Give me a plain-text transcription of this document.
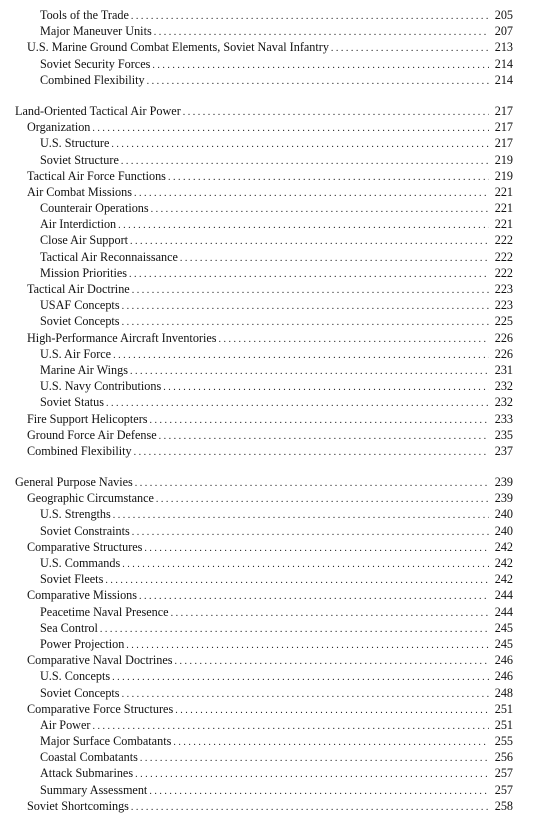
Tools of the Trade . . .	205
Major Maneuver Units . . .	207
U.S. Marine Ground Combat Elements, Soviet Naval Infantry . . .	213
Soviet Security Forces . . .	214
Combined Flexibility . . .	214
Land-Oriented Tactical Air Power . . .	217
Organization . . .	217
U.S. Structure . . .	217
Soviet Structure . . .	219
Tactical Air Force Functions . . .	219
Air Combat Missions . . .	221
Counterair Operations . . .	221
Air Interdiction . . .	221
Close Air Support . . .	222
Tactical Air Reconnaissance . . .	222
Mission Priorities . . .	222
Tactical Air Doctrine . . .	223
USAF Concepts . . .	223
Soviet Concepts . . .	225
High-Performance Aircraft Inventories . . .	226
U.S. Air Force . . .	226
Marine Air Wings . . .	231
U.S. Navy Contributions . . .	232
Soviet Status . . .	232
Fire Support Helicopters . . .	233
Ground Force Air Defense . . .	235
Combined Flexibility . . .	237
General Purpose Navies . . .	239
Geographic Circumstance . . .	239
U.S. Strengths . . .	240
Soviet Constraints . . .	240
Comparative Structures . . .	242
U.S. Commands . . .	242
Soviet Fleets . . .	242
Comparative Missions . . .	244
Peacetime Naval Presence . . .	244
Sea Control . . .	245
Power Projection . . .	245
Comparative Naval Doctrines . . .	246
U.S. Concepts . . .	246
Soviet Concepts . . .	248
Comparative Force Structures . . .	251
Air Power . . .	251
Major Surface Combatants . . .	255
Coastal Combatants . . .	256
Attack Submarines . . .	257
Summary Assessment . . .	257
Soviet Shortcomings . . .	258
